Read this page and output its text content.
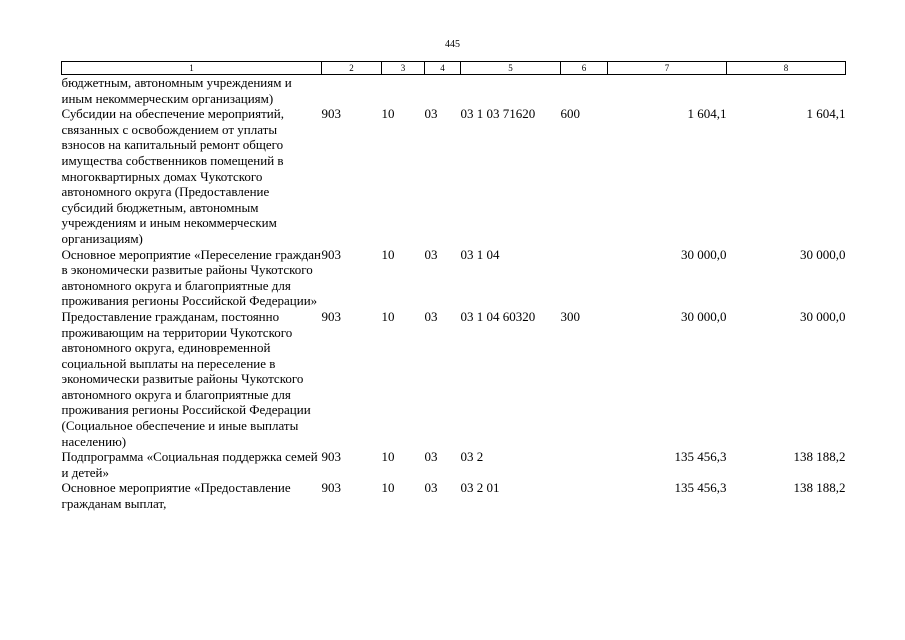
445
1	2	3	4	5	6	7	8
бюджетным, автономным учреждениям и иным некоммерческим организациям)							
Субсидии на обеспечение мероприятий, связанных с освобождением от уплаты взносов на капитальный ремонт общего имущества собственников помещений в многоквартирных домах Чукотского автономного округа (Предоставление субсидий бюджетным, автономным учреждениям и иным некоммерческим организациям)	903	10	03	03 1 03 71620	600	1 604,1	1 604,1
Основное мероприятие «Переселение граждан в экономически развитые районы Чукотского автономного округа и благоприятные для проживания регионы Российской Федерации»	903	10	03	03 1 04		30 000,0	30 000,0
Предоставление гражданам, постоянно проживающим на территории Чукотского автономного округа, единовременной социальной выплаты на переселение в экономически развитые районы Чукотского автономного округа и благоприятные для проживания регионы Российской Федерации (Социальное обеспечение и иные выплаты населению)	903	10	03	03 1 04 60320	300	30 000,0	30 000,0
Подпрограмма «Социальная поддержка семей и детей»	903	10	03	03 2		135 456,3	138 188,2
Основное мероприятие «Предоставление гражданам выплат,	903	10	03	03 2 01		135 456,3	138 188,2
